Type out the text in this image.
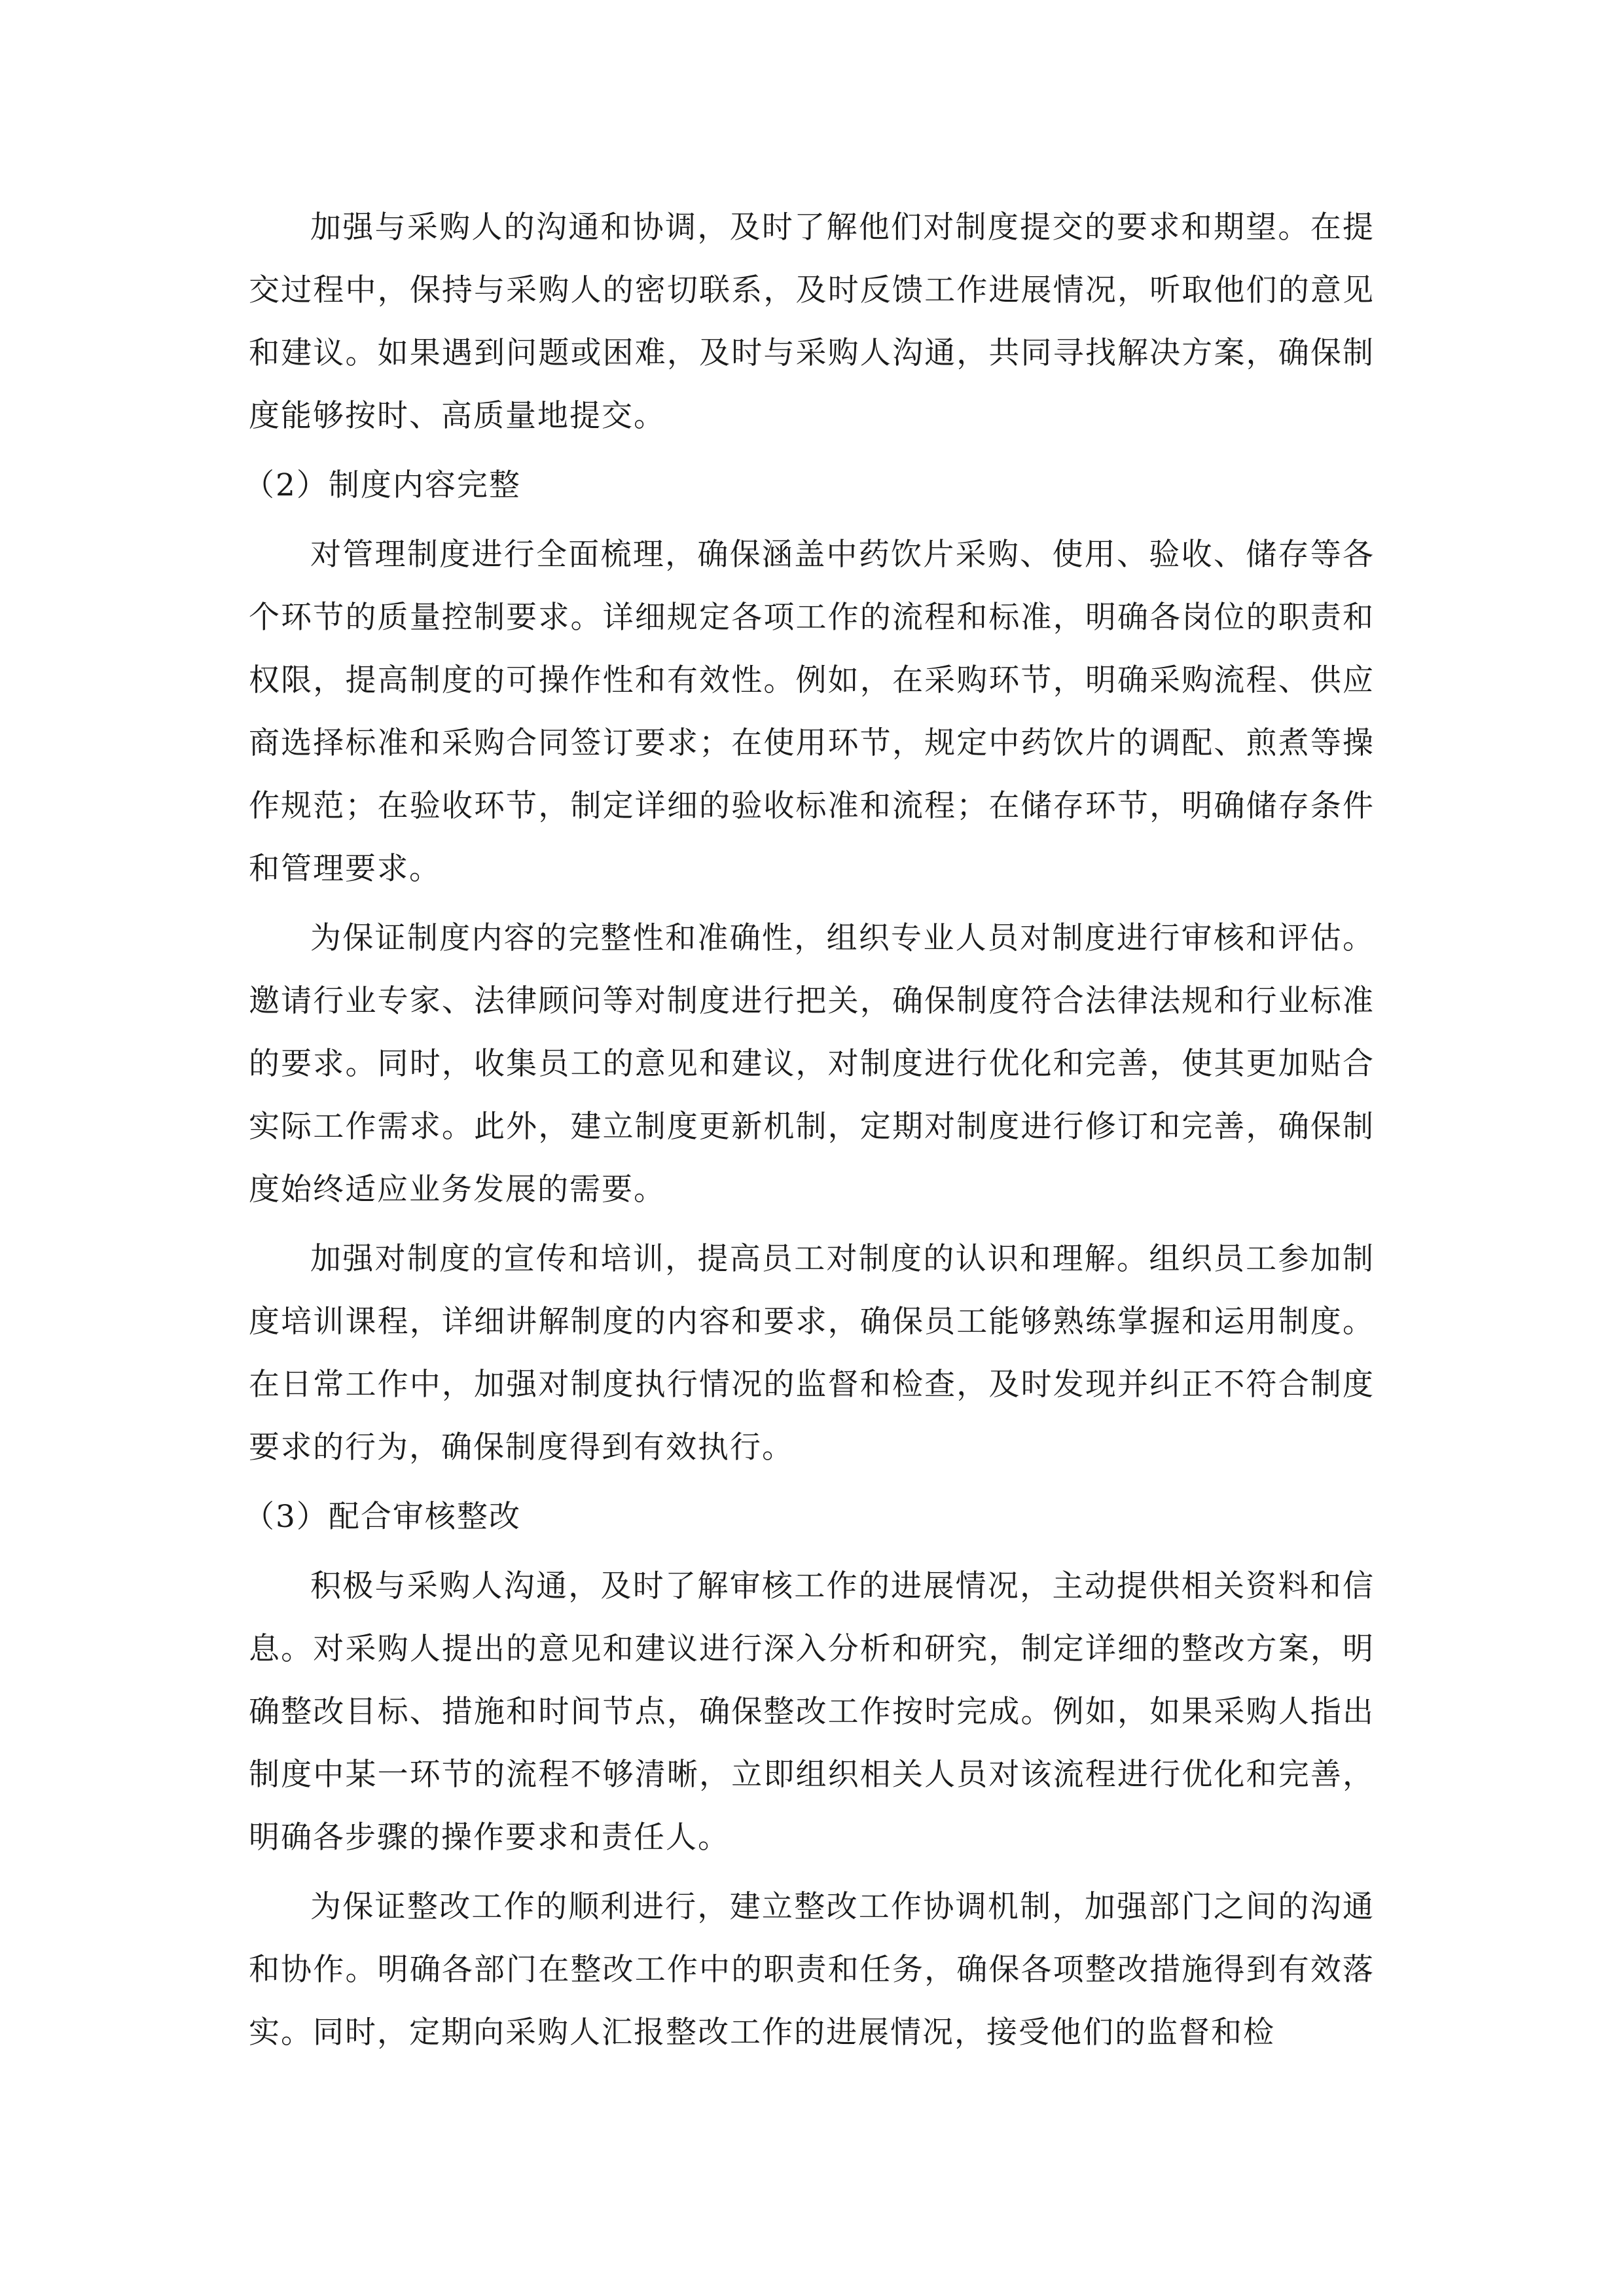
加强与采购人的沟通和协调，及时了解他们对制度提交的要求和期望。在提交过程中，保持与采购人的密切联系，及时反馈工作进展情况，听取他们的意见和建议。如果遇到问题或困难，及时与采购人沟通，共同寻找解决方案，确保制度能够按时、高质量地提交。

（2）制度内容完整

对管理制度进行全面梳理，确保涵盖中药饮片采购、使用、验收、储存等各个环节的质量控制要求。详细规定各项工作的流程和标准，明确各岗位的职责和权限，提高制度的可操作性和有效性。例如，在采购环节，明确采购流程、供应商选择标准和采购合同签订要求；在使用环节，规定中药饮片的调配、煎煮等操作规范；在验收环节，制定详细的验收标准和流程；在储存环节，明确储存条件和管理要求。

为保证制度内容的完整性和准确性，组织专业人员对制度进行审核和评估。邀请行业专家、法律顾问等对制度进行把关，确保制度符合法律法规和行业标准的要求。同时，收集员工的意见和建议，对制度进行优化和完善，使其更加贴合实际工作需求。此外，建立制度更新机制，定期对制度进行修订和完善，确保制度始终适应业务发展的需要。

加强对制度的宣传和培训，提高员工对制度的认识和理解。组织员工参加制度培训课程，详细讲解制度的内容和要求，确保员工能够熟练掌握和运用制度。在日常工作中，加强对制度执行情况的监督和检查，及时发现并纠正不符合制度要求的行为，确保制度得到有效执行。

（3）配合审核整改

积极与采购人沟通，及时了解审核工作的进展情况，主动提供相关资料和信息。对采购人提出的意见和建议进行深入分析和研究，制定详细的整改方案，明确整改目标、措施和时间节点，确保整改工作按时完成。例如，如果采购人指出制度中某一环节的流程不够清晰，立即组织相关人员对该流程进行优化和完善，明确各步骤的操作要求和责任人。

为保证整改工作的顺利进行，建立整改工作协调机制，加强部门之间的沟通和协作。明确各部门在整改工作中的职责和任务，确保各项整改措施得到有效落实。同时，定期向采购人汇报整改工作的进展情况，接受他们的监督和检
